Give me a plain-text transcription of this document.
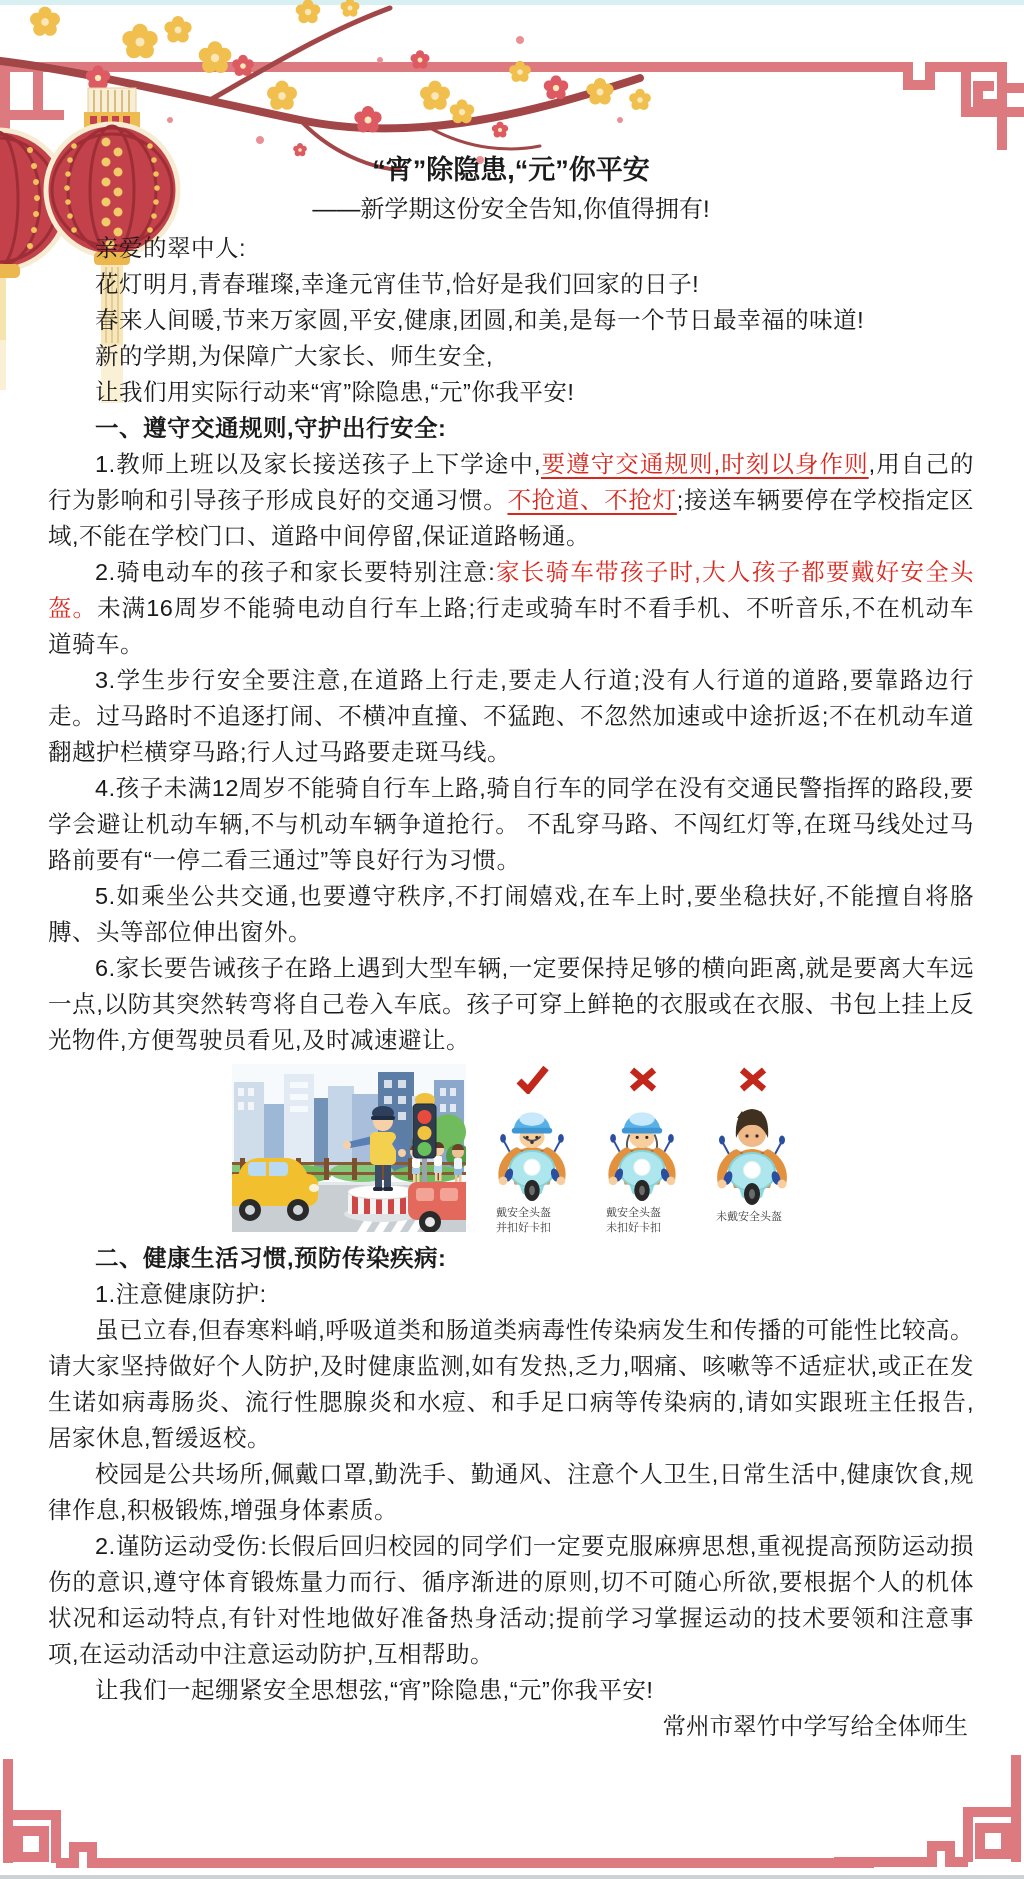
“宵”除隐患,“元”你平安

——新学期这份安全告知,你值得拥有!

亲爱的翠中人:

花灯明月,青春璀璨,幸逢元宵佳节,恰好是我们回家的日子!

春来人间暖,节来万家圆,平安,健康,团圆,和美,是每一个节日最幸福的味道!

新的学期,为保障广大家长、师生安全,

让我们用实际行动来“宵”除隐患,“元”你我平安!

一、遵守交通规则,守护出行安全:

1.教师上班以及家长接送孩子上下学途中,要遵守交通规则,时刻以身作则,用自己的行为影响和引导孩子形成良好的交通习惯。不抢道、不抢灯;接送车辆要停在学校指定区域,不能在学校门口、道路中间停留,保证道路畅通。

2.骑电动车的孩子和家长要特别注意:家长骑车带孩子时,大人孩子都要戴好安全头盔。未满16周岁不能骑电动自行车上路;行走或骑车时不看手机、不听音乐,不在机动车道骑车。

3.学生步行安全要注意,在道路上行走,要走人行道;没有人行道的道路,要靠路边行走。过马路时不追逐打闹、不横冲直撞、不猛跑、不忽然加速或中途折返;不在机动车道翻越护栏横穿马路;行人过马路要走斑马线。

4.孩子未满12周岁不能骑自行车上路,骑自行车的同学在没有交通民警指挥的路段,要学会避让机动车辆,不与机动车辆争道抢行。 不乱穿马路、不闯红灯等,在斑马线处过马路前要有“一停二看三通过”等良好行为习惯。

5.如乘坐公共交通,也要遵守秩序,不打闹嬉戏,在车上时,要坐稳扶好,不能擅自将胳膊、头等部位伸出窗外。

6.家长要告诫孩子在路上遇到大型车辆,一定要保持足够的横向距离,就是要离大车远一点,以防其突然转弯将自己卷入车底。孩子可穿上鲜艳的衣服或在衣服、书包上挂上反光物件,方便驾驶员看见,及时减速避让。

戴安全头盔
并扣好卡扣
戴安全头盔
未扣好卡扣
未戴安全头盔

二、健康生活习惯,预防传染疾病:

1.注意健康防护:

虽已立春,但春寒料峭,呼吸道类和肠道类病毒性传染病发生和传播的可能性比较高。请大家坚持做好个人防护,及时健康监测,如有发热,乏力,咽痛、咳嗽等不适症状,或正在发生诺如病毒肠炎、流行性腮腺炎和水痘、和手足口病等传染病的,请如实跟班主任报告,居家休息,暂缓返校。

校园是公共场所,佩戴口罩,勤洗手、勤通风、注意个人卫生,日常生活中,健康饮食,规律作息,积极锻炼,增强身体素质。

2.谨防运动受伤:长假后回归校园的同学们一定要克服麻痹思想,重视提高预防运动损伤的意识,遵守体育锻炼量力而行、循序渐进的原则,切不可随心所欲,要根据个人的机体状况和运动特点,有针对性地做好准备热身活动;提前学习掌握运动的技术要领和注意事项,在运动活动中注意运动防护,互相帮助。

让我们一起绷紧安全思想弦,“宵”除隐患,“元”你我平安!

常州市翠竹中学写给全体师生
